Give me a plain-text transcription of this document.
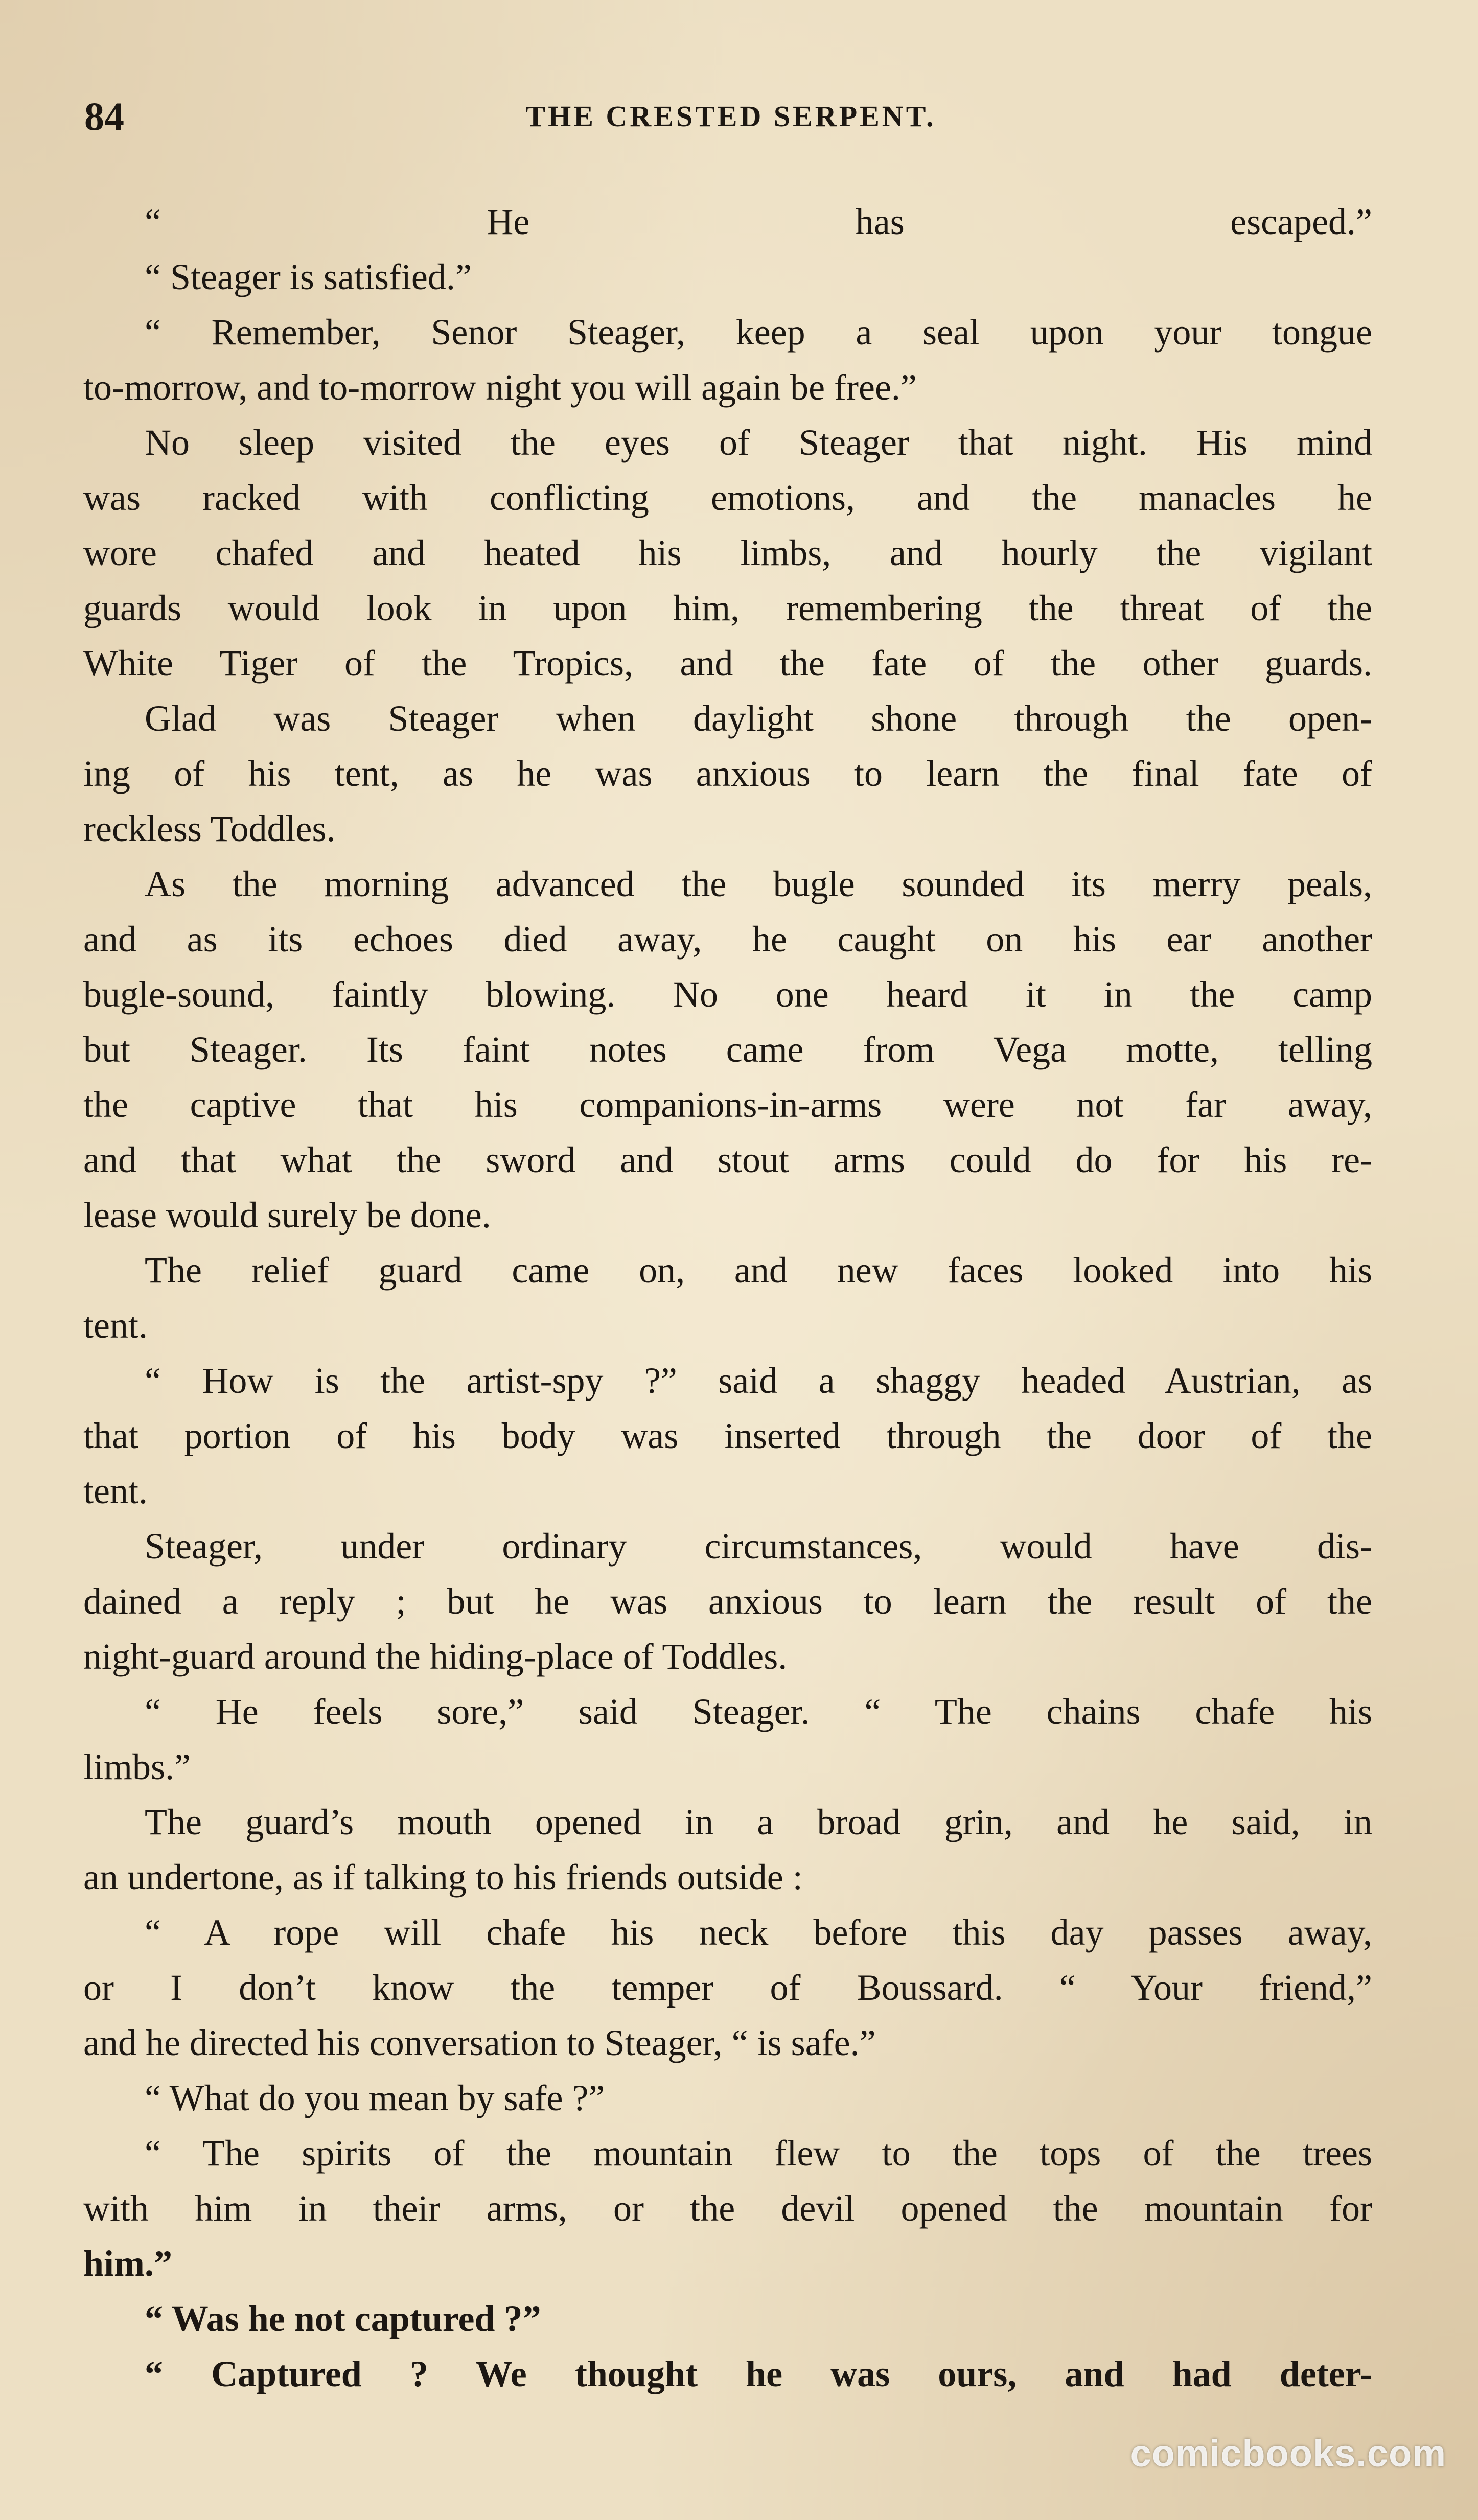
84	THE CRESTED SERPENT.
“ He has escaped.”
“ Steager is satisfied.”
“ Remember, Senor Steager, keep a seal upon your tongue
to-morrow, and to-morrow night you will again be free.”
No sleep visited the eyes of Steager that night. His mind
was racked with conflicting emotions, and the manacles he
wore chafed and heated his limbs, and hourly the vigilant
guards would look in upon him, remembering the threat of the
White Tiger of the Tropics, and the fate of the other guards.
Glad was Steager when daylight shone through the open-
ing of his tent, as he was anxious to learn the final fate of
reckless Toddles.
As the morning advanced the bugle sounded its merry peals,
and as its echoes died away, he caught on his ear another
bugle-sound, faintly blowing. No one heard it in the camp
but Steager. Its faint notes came from Vega motte, telling
the captive that his companions-in-arms were not far away,
and that what the sword and stout arms could do for his re-
lease would surely be done.
The relief guard came on, and new faces looked into his
tent.
“ How is the artist-spy ?” said a shaggy headed Austrian, as
that portion of his body was inserted through the door of the
tent.
Steager, under ordinary circumstances, would have dis-
dained a reply ; but he was anxious to learn the result of the
night-guard around the hiding-place of Toddles.
“ He feels sore,” said Steager. “ The chains chafe his
limbs.”
The guard’s mouth opened in a broad grin, and he said, in
an undertone, as if talking to his friends outside :
“ A rope will chafe his neck before this day passes away,
or I don’t know the temper of Boussard. “ Your friend,”
and he directed his conversation to Steager, “ is safe.”
“ What do you mean by safe ?”
“ The spirits of the mountain flew to the tops of the trees
with him in their arms, or the devil opened the mountain for
him.”
“ Was he not captured ?”
“ Captured ? We thought he was ours, and had deter-
comicbooks.com
